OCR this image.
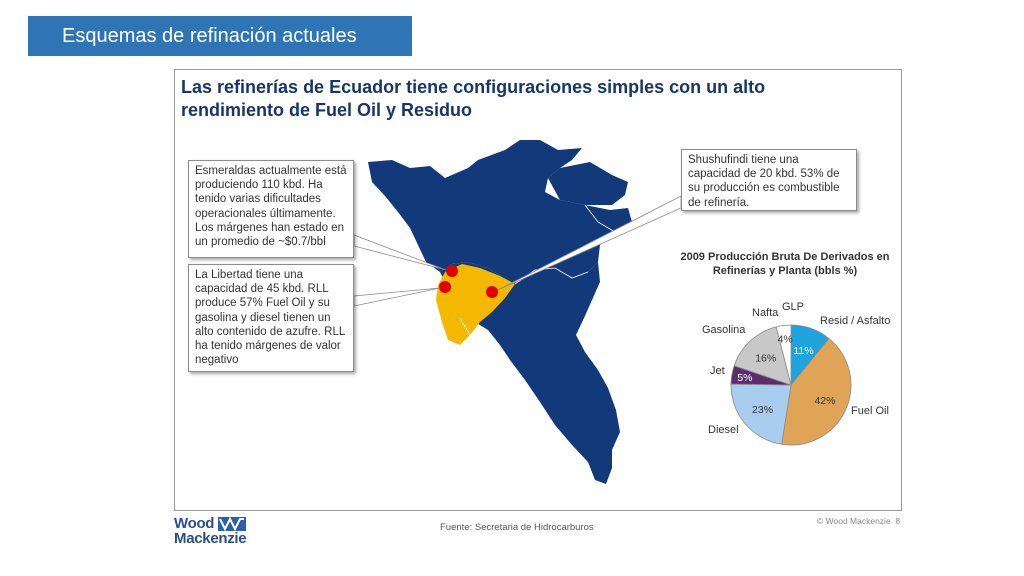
Esquemas de refinación actuales
Las refinerías de Ecuador tiene configuraciones simples con un alto rendimiento de Fuel Oil y Residuo
Esmeraldas actualmente está produciendo 110 kbd. Ha tenido varias dificultades operacionales últimamente. Los márgenes han estado en un promedio de ~$0.7/bbl
La Libertad tiene una capacidad de 45 kbd. RLL produce 57% Fuel Oil y su gasolina y diesel tienen un alto contenido de azufre. RLL ha tenido márgenes de valor negativo
Shushufindi tiene una capacidad de 20 kbd. 53% de su producción es combustible de refinería.
2009 Producción Bruta De Derivados en Refinerías y Planta (bbls %)
11%
GLP
42%
Resid / Asfalto
Fuel Oil
23%
Diesel
5%
Jet
16%
Gasolina
4%
Nafta
Wood
Mackenzie
Fuente: Secretaria de Hidrocarburos
© Wood Mackenzie 8
